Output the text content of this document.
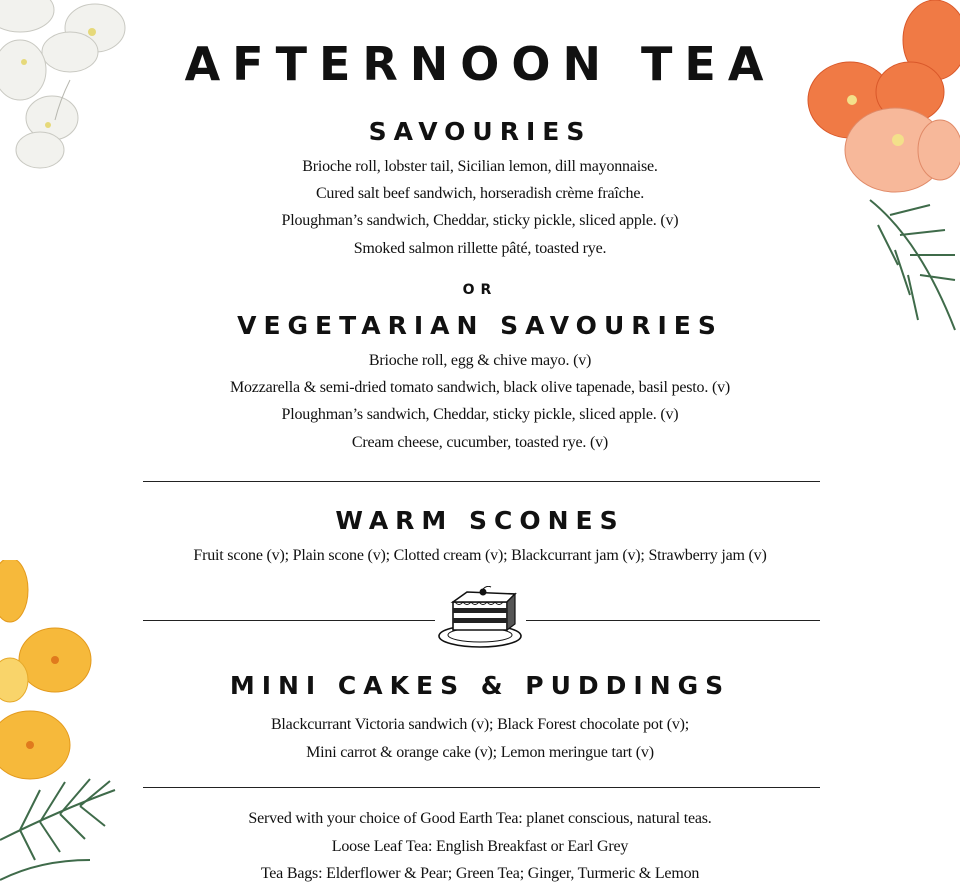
AFTERNOON TEA
SAVOURIES
Brioche roll, lobster tail, Sicilian lemon, dill mayonnaise.
Cured salt beef sandwich, horseradish crème fraîche.
Ploughman’s sandwich, Cheddar, sticky pickle, sliced apple. (v)
Smoked salmon rillette pâté, toasted rye.
OR
VEGETARIAN SAVOURIES
Brioche roll, egg & chive mayo. (v)
Mozzarella & semi-dried tomato sandwich, black olive tapenade, basil pesto. (v)
Ploughman’s sandwich, Cheddar, sticky pickle, sliced apple. (v)
Cream cheese, cucumber, toasted rye. (v)
WARM SCONES
Fruit scone (v); Plain scone (v); Clotted cream (v); Blackcurrant jam (v); Strawberry jam (v)
MINI CAKES & PUDDINGS
Blackcurrant Victoria sandwich (v); Black Forest chocolate pot (v);
Mini carrot & orange cake (v); Lemon meringue tart (v)
Served with your choice of Good Earth Tea: planet conscious, natural teas.
Loose Leaf Tea: English Breakfast or Earl Grey
Tea Bags: Elderflower & Pear; Green Tea; Ginger, Turmeric & Lemon
